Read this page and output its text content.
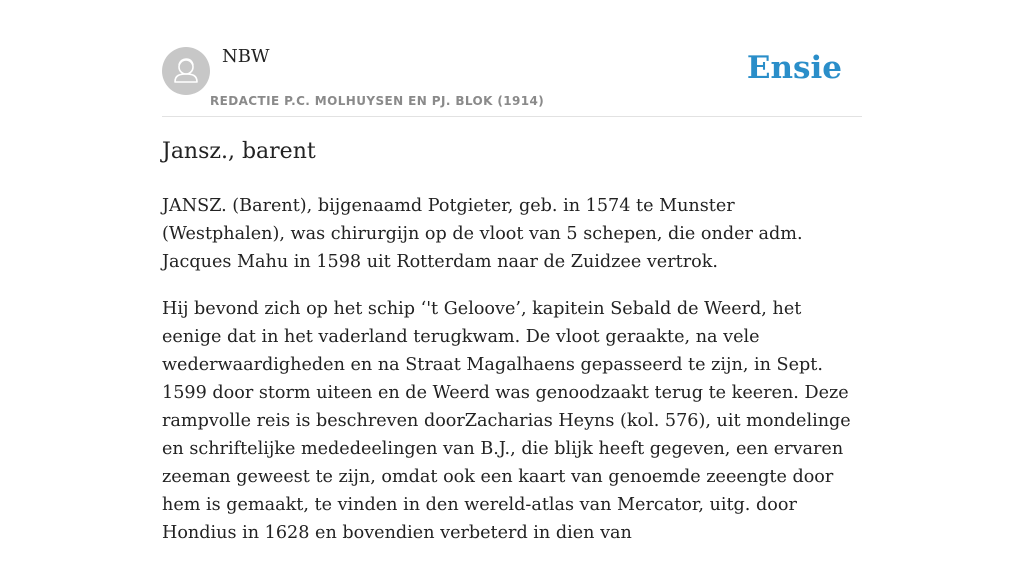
NBW
REDACTIE P.C. MOLHUYSEN EN PJ. BLOK (1914)
Ensie
Jansz., barent

JANSZ. (Barent), bijgenaamd Potgieter, geb. in 1574 te Munster (Westphalen), was chirurgijn op de vloot van 5 schepen, die onder adm. Jacques Mahu in 1598 uit Rotterdam naar de Zuidzee vertrok.

Hij bevond zich op het schip ‘'t Geloove’, kapitein Sebald de Weerd, het eenige dat in het vaderland terugkwam. De vloot geraakte, na vele wederwaardigheden en na Straat Magalhaens gepasseerd te zijn, in Sept. 1599 door storm uiteen en de Weerd was genoodzaakt terug te keeren. Deze rampvolle reis is beschreven doorZacharias Heyns (kol. 576), uit mondelinge en schriftelijke mededeelingen van B.J., die blijk heeft gegeven, een ervaren zeeman geweest te zijn, omdat ook een kaart van genoemde zeeengte door hem is gemaakt, te vinden in den wereld-atlas van Mercator, uitg. door Hondius in 1628 en bovendien verbeterd in dien van
